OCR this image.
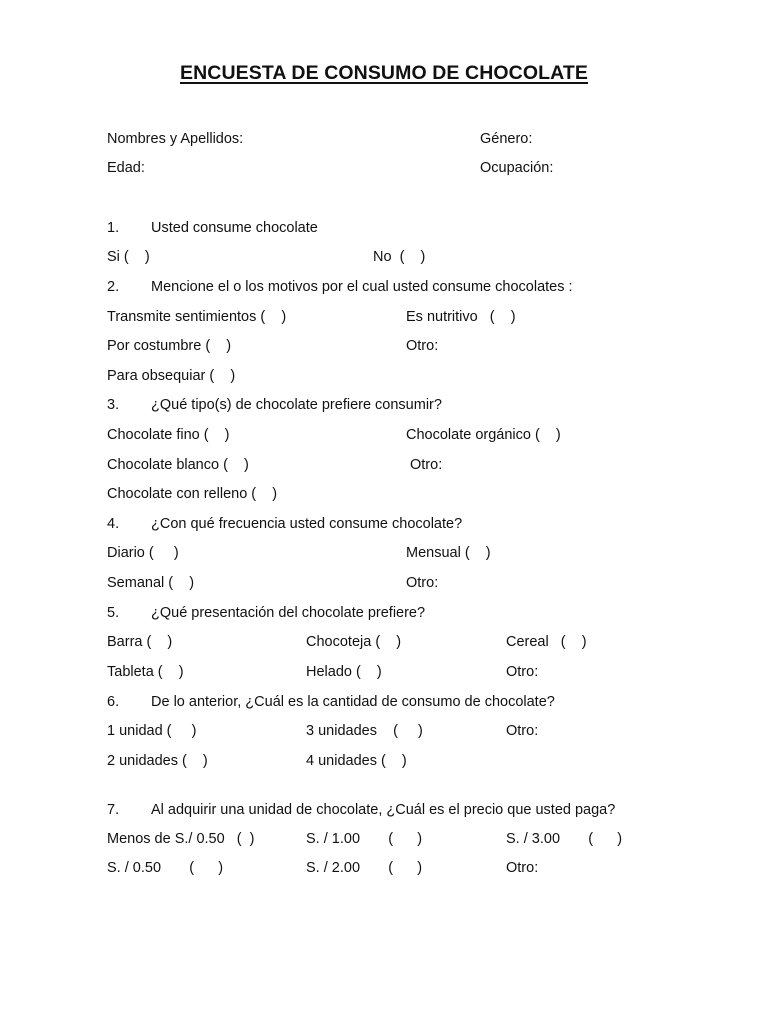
ENCUESTA DE CONSUMO DE CHOCOLATE
Nombres y Apellidos:	Género:
Edad:	Ocupación:
1. Usted consume chocolate
Si (    )	No  (    )
2. Mencione el o los motivos por el cual usted consume chocolates :
Transmite sentimientos (    )	Es nutritivo   (    )
Por costumbre (    )	Otro:
Para obsequiar (    )
3. ¿Qué tipo(s) de chocolate prefiere consumir?
Chocolate fino (    )	Chocolate orgánico (    )
Chocolate blanco (    )	Otro:
Chocolate con relleno (    )
4. ¿Con qué frecuencia usted consume chocolate?
Diario (     )	Mensual (    )
Semanal (    )	Otro:
5. ¿Qué presentación del chocolate prefiere?
Barra (    )	Chocoteja (    )	Cereal   (    )
Tableta (    )	Helado (    )	Otro:
6. De lo anterior, ¿Cuál es la cantidad de consumo de chocolate?
1 unidad (     )	3 unidades    (     )	Otro:
2 unidades (    )	4 unidades (    )
7. Al adquirir una unidad de chocolate, ¿Cuál es el precio que usted paga?
Menos de S./ 0.50   (  )	S. / 1.00       (      )	S. / 3.00       (      )
S. / 0.50       (      )	S. / 2.00       (      )	Otro:
